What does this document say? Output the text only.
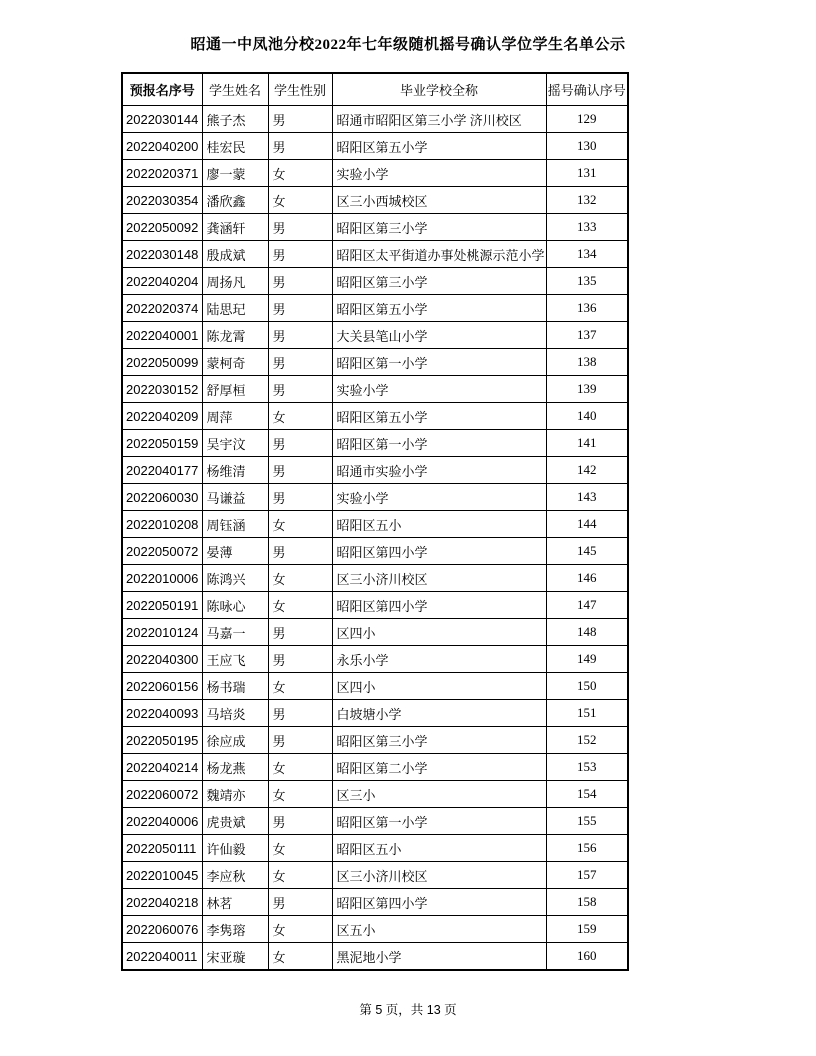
昭通一中凤池分校2022年七年级随机摇号确认学位学生名单公示
预报名序号	学生姓名	学生性别	毕业学校全称	摇号确认序号
2022030144	熊子杰	男	昭通市昭阳区第三小学 济川校区	129
2022040200	桂宏民	男	昭阳区第五小学	130
2022020371	廖一蒙	女	实验小学	131
2022030354	潘欣鑫	女	区三小西城校区	132
2022050092	龚涵轩	男	昭阳区第三小学	133
2022030148	殷成斌	男	昭阳区太平街道办事处桃源示范小学	134
2022040204	周扬凡	男	昭阳区第三小学	135
2022020374	陆思玘	男	昭阳区第五小学	136
2022040001	陈龙霄	男	大关县笔山小学	137
2022050099	蒙柯奇	男	昭阳区第一小学	138
2022030152	舒厚桓	男	实验小学	139
2022040209	周萍	女	昭阳区第五小学	140
2022050159	吴宇汶	男	昭阳区第一小学	141
2022040177	杨维清	男	昭通市实验小学	142
2022060030	马谦益	男	实验小学	143
2022010208	周钰涵	女	昭阳区五小	144
2022050072	晏薄	男	昭阳区第四小学	145
2022010006	陈鸿兴	女	区三小济川校区	146
2022050191	陈咏心	女	昭阳区第四小学	147
2022010124	马嘉一	男	区四小	148
2022040300	王应飞	男	永乐小学	149
2022060156	杨书瑞	女	区四小	150
2022040093	马培炎	男	白坡塘小学	151
2022050195	徐应成	男	昭阳区第三小学	152
2022040214	杨龙燕	女	昭阳区第二小学	153
2022060072	魏靖亦	女	区三小	154
2022040006	虎贵斌	男	昭阳区第一小学	155
2022050111	许仙毅	女	昭阳区五小	156
2022010045	李应秋	女	区三小济川校区	157
2022040218	林茗	男	昭阳区第四小学	158
2022060076	李隽瑢	女	区五小	159
2022040011	宋亚璇	女	黑泥地小学	160
第 5 页，共 13 页
